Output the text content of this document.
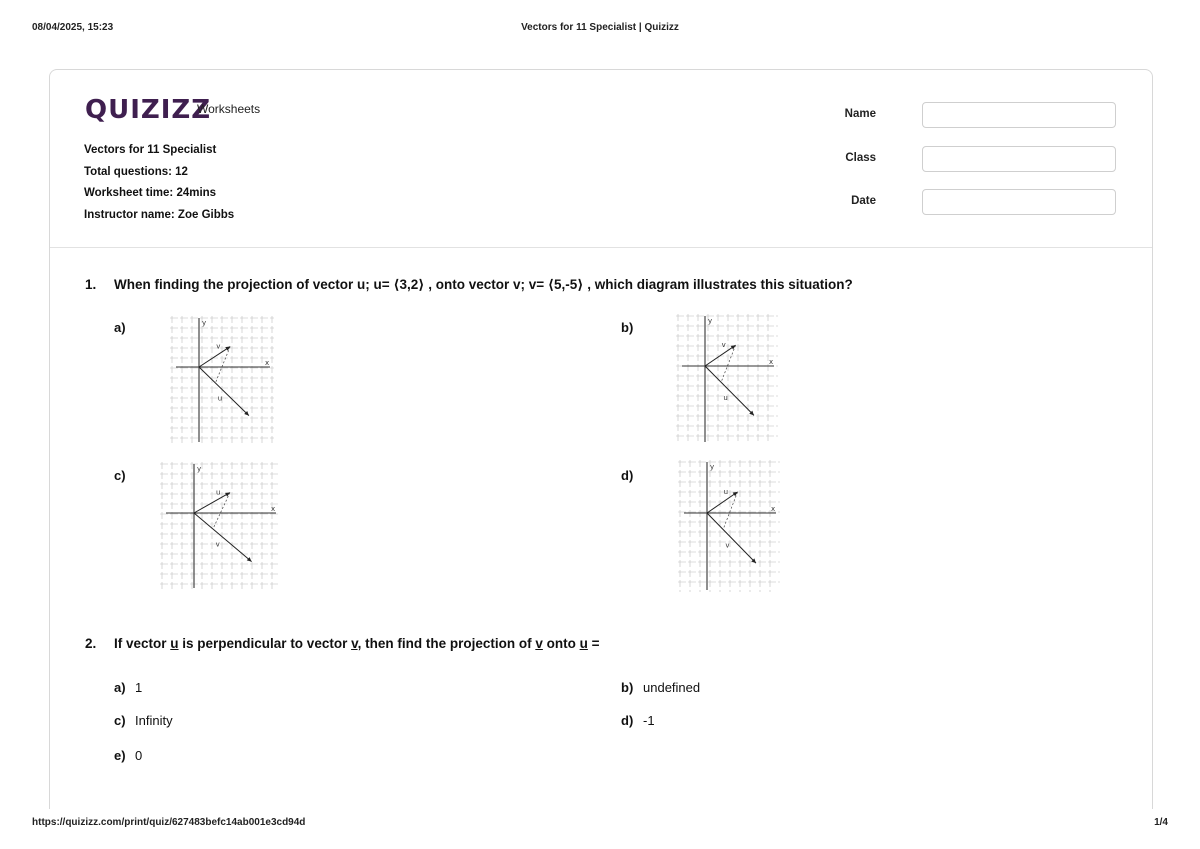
08/04/2025, 15:23	Vectors for 11 Specialist | Quizizz
QUIZIZZ
Worksheets
Vectors for 11 Specialist
Total questions: 12
Worksheet time: 24mins
Instructor name: Zoe Gibbs
Name
Class
Date
1. When finding the projection of vector u; u= ⟨3,2⟩ , onto vector v; v= ⟨5,-5⟩ , which diagram illustrates this situation?
a)	y
x
v
u
b)	y
x
v
u
c)	y
x
u
v
d)
y
x
u
v
2. If vector u is perpendicular to vector v, then find the projection of v onto u =
a) 1	b) undefined
c) Infinity	d) -1
e) 0
https://quizizz.com/print/quiz/627483befc14ab001e3cd94d	1/4
